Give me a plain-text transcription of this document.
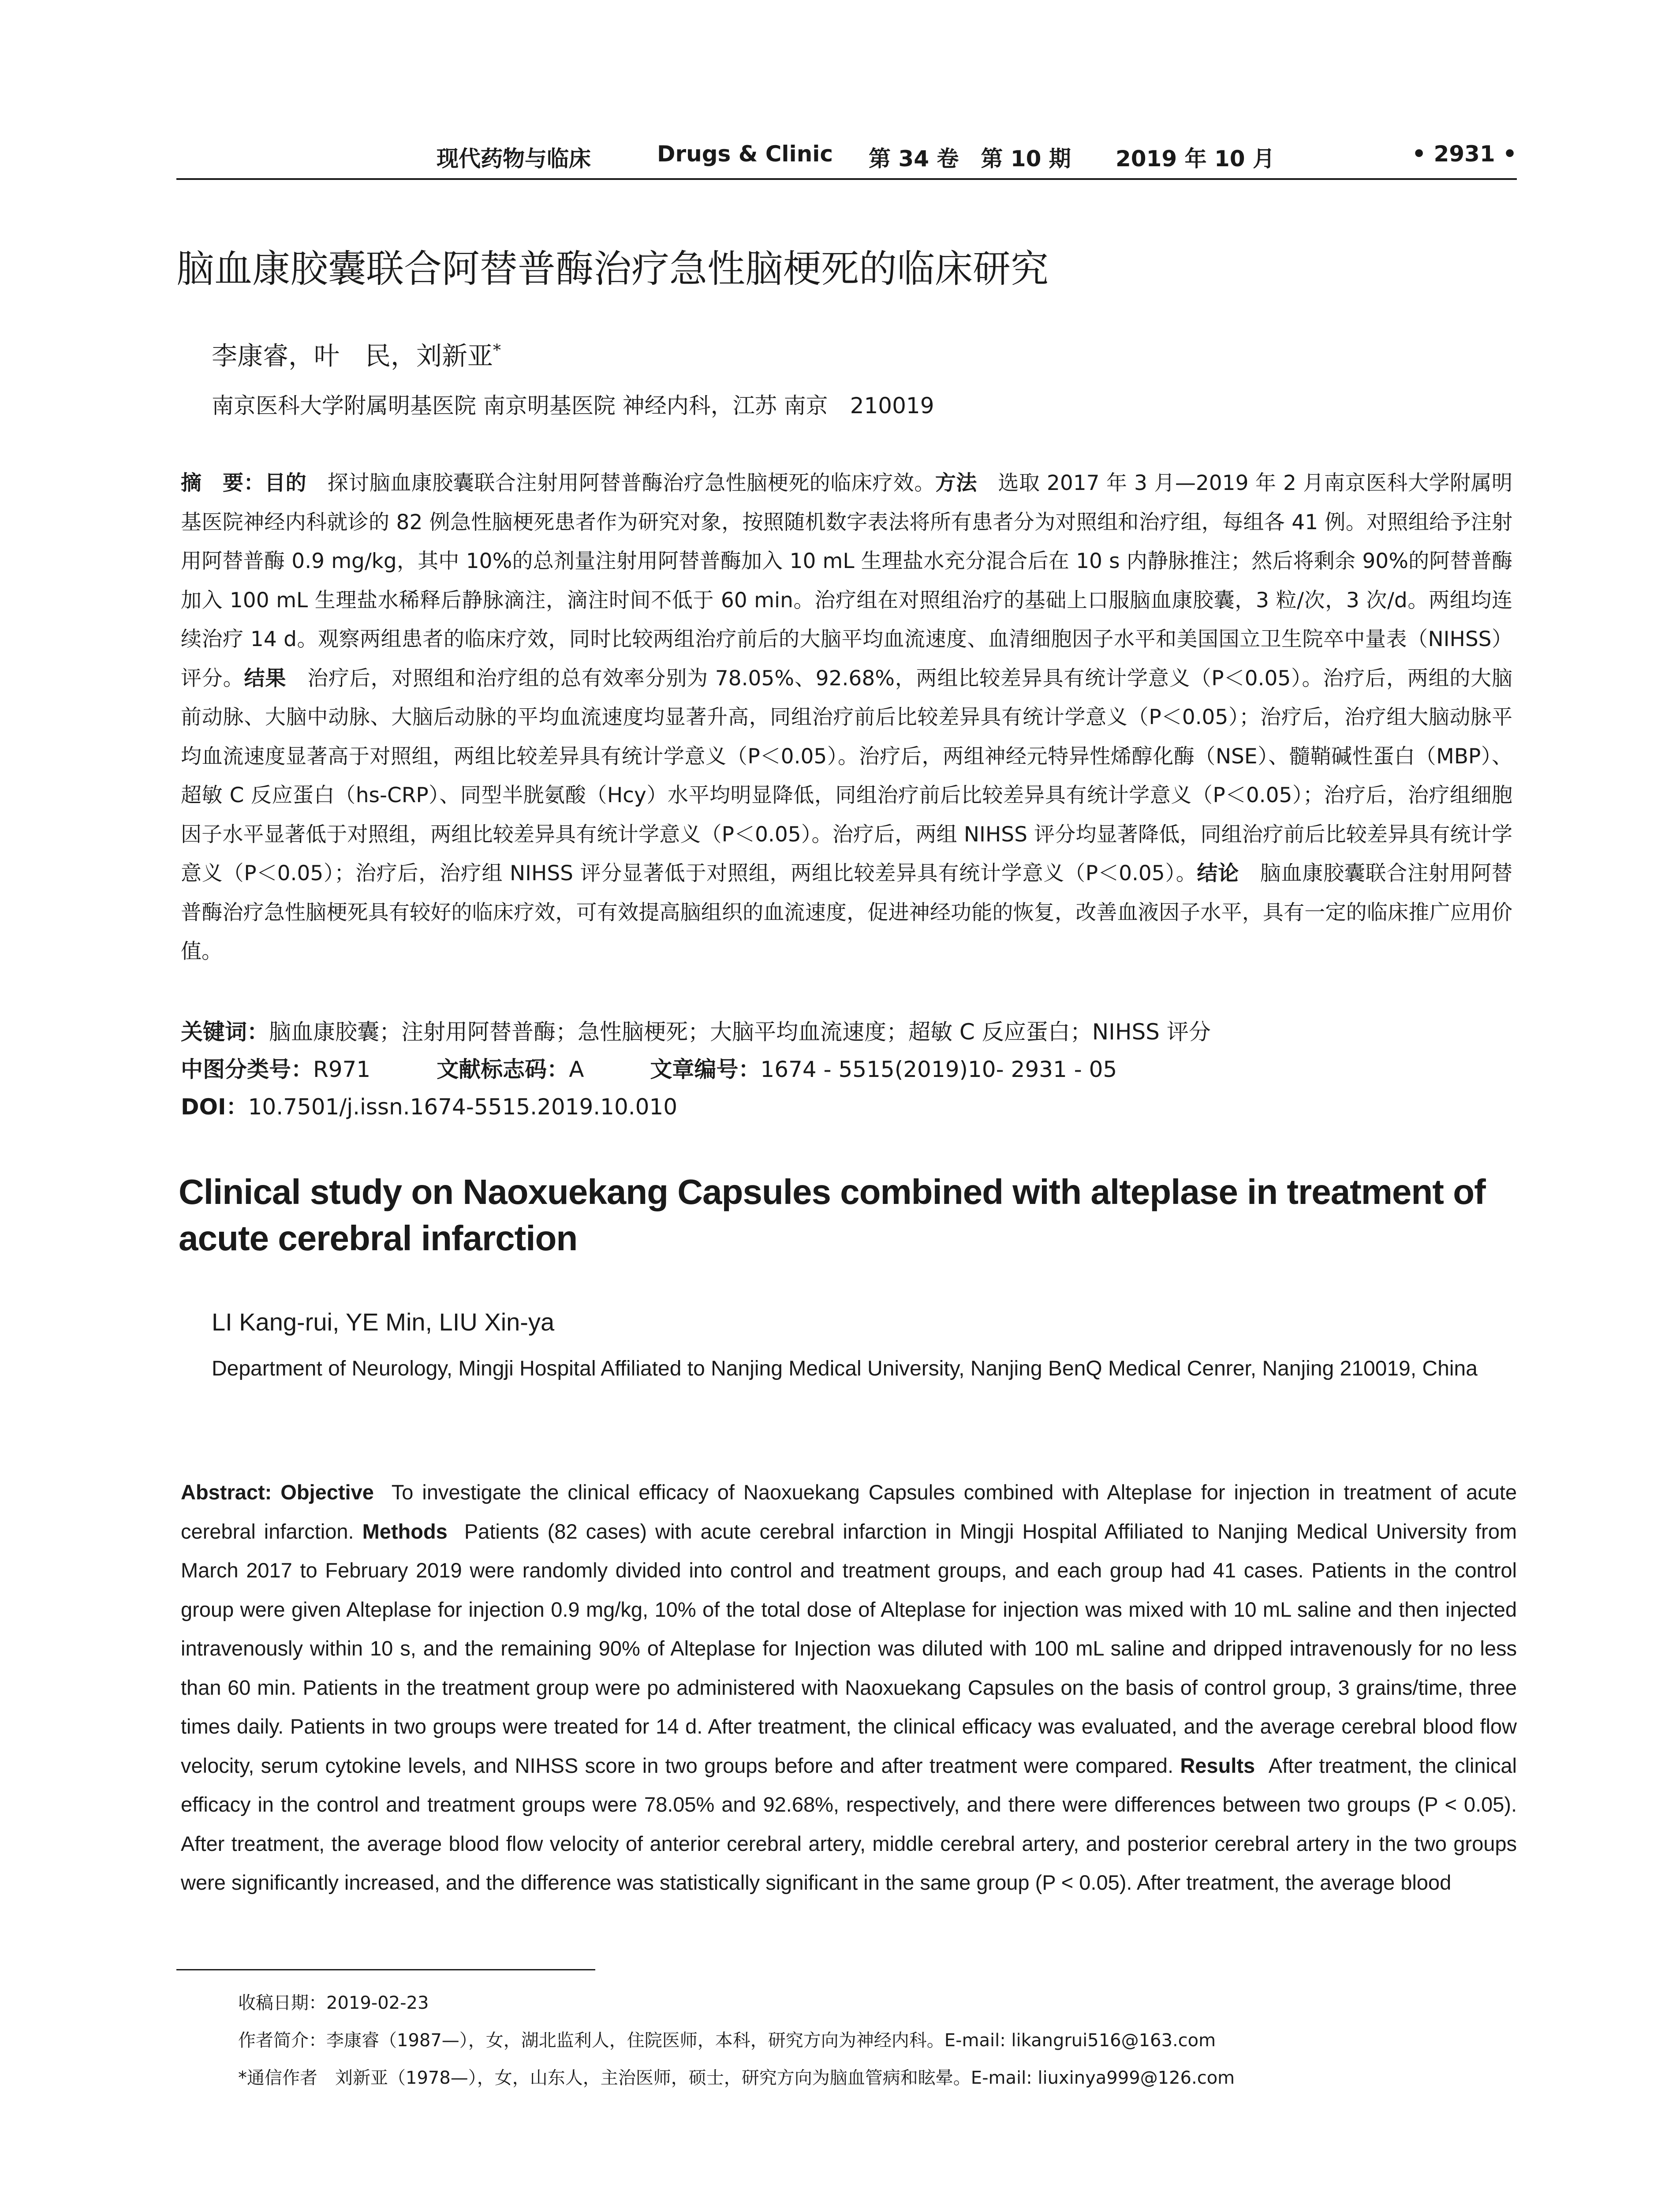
现代药物与临床	Drugs & Clinic 第 34 卷　第 10 期 2019 年 10 月	• 2931 •
脑血康胶囊联合阿替普酶治疗急性脑梗死的临床研究
李康睿，叶　民，刘新亚*
南京医科大学附属明基医院 南京明基医院 神经内科，江苏 南京　210019
摘　要：目的　 探讨脑血康胶囊联合注射用阿替普酶治疗急性脑梗死的临床疗效。方法　 选取 2017 年 3 月—2019 年 2 月南京医科大学附属明基医院神经内科就诊的 82 例急性脑梗死患者作为研究对象，按照随机数字表法将所有患者分为对照组和治疗组，每组各 41 例。对照组给予注射用阿替普酶 0.9 mg/kg，其中 10%的总剂量注射用阿替普酶加入 10 mL 生理盐水充分混合后在 10 s 内静脉推注；然后将剩余 90%的阿替普酶加入 100 mL 生理盐水稀释后静脉滴注，滴注时间不低于 60 min。治疗组在对照组治疗的基础上口服脑血康胶囊，3 粒/次，3 次/d。两组均连续治疗 14 d。观察两组患者的临床疗效，同时比较两组治疗前后的大脑平均血流速度、血清细胞因子水平和美国国立卫生院卒中量表（NIHSS）评分。结果　 治疗后，对照组和治疗组的总有效率分别为 78.05%、92.68%，两组比较差异具有统计学意义（P＜0.05）。治疗后，两组的大脑前动脉、大脑中动脉、大脑后动脉的平均血流速度均显著升高，同组治疗前后比较差异具有统计学意义（P＜0.05）；治疗后，治疗组大脑动脉平均血流速度显著高于对照组，两组比较差异具有统计学意义（P＜0.05）。治疗后，两组神经元特异性烯醇化酶（NSE）、髓鞘碱性蛋白（MBP）、超敏 C 反应蛋白（hs-CRP）、同型半胱氨酸（Hcy）水平均明显降低，同组治疗前后比较差异具有统计学意义（P＜0.05）；治疗后，治疗组细胞因子水平显著低于对照组，两组比较差异具有统计学意义（P＜0.05）。治疗后，两组 NIHSS 评分均显著降低，同组治疗前后比较差异具有统计学意义（P＜0.05）；治疗后，治疗组 NIHSS 评分显著低于对照组，两组比较差异具有统计学意义（P＜0.05）。结论　 脑血康胶囊联合注射用阿替普酶治疗急性脑梗死具有较好的临床疗效，可有效提高脑组织的血流速度，促进神经功能的恢复，改善血液因子水平，具有一定的临床推广应用价值。
关键词：脑血康胶囊；注射用阿替普酶；急性脑梗死；大脑平均血流速度；超敏 C 反应蛋白；NIHSS 评分
中图分类号：R971	文献标志码：A	文章编号：1674 - 5515(2019)10- 2931 - 05
DOI：10.7501/j.issn.1674-5515.2019.10.010
Clinical study on Naoxuekang Capsules combined with alteplase in treatment of acute cerebral infarction
LI Kang-rui, YE Min, LIU Xin-ya
Department of Neurology, Mingji Hospital Affiliated to Nanjing Medical University, Nanjing BenQ Medical Cenrer, Nanjing 210019, China
Abstract: Objective To investigate the clinical efficacy of Naoxuekang Capsules combined with Alteplase for injection in treatment of acute cerebral infarction. Methods Patients (82 cases) with acute cerebral infarction in Mingji Hospital Affiliated to Nanjing Medical University from March 2017 to February 2019 were randomly divided into control and treatment groups, and each group had 41 cases. Patients in the control group were given Alteplase for injection 0.9 mg/kg, 10% of the total dose of Alteplase for injection was mixed with 10 mL saline and then injected intravenously within 10 s, and the remaining 90% of Alteplase for Injection was diluted with 100 mL saline and dripped intravenously for no less than 60 min. Patients in the treatment group were po administered with Naoxuekang Capsules on the basis of control group, 3 grains/time, three times daily. Patients in two groups were treated for 14 d. After treatment, the clinical efficacy was evaluated, and the average cerebral blood flow velocity, serum cytokine levels, and NIHSS score in two groups before and after treatment were compared. Results After treatment, the clinical efficacy in the control and treatment groups were 78.05% and 92.68%, respectively, and there were differences between two groups (P < 0.05). After treatment, the average blood flow velocity of anterior cerebral artery, middle cerebral artery, and posterior cerebral artery in the two groups were significantly increased, and the difference was statistically significant in the same group (P < 0.05). After treatment, the average blood
收稿日期：2019-02-23
作者简介：李康睿（1987—），女，湖北监利人，住院医师，本科，研究方向为神经内科。E-mail: likangrui516@163.com
*通信作者　刘新亚（1978—），女，山东人，主治医师，硕士，研究方向为脑血管病和眩晕。E-mail: liuxinya999@126.com
